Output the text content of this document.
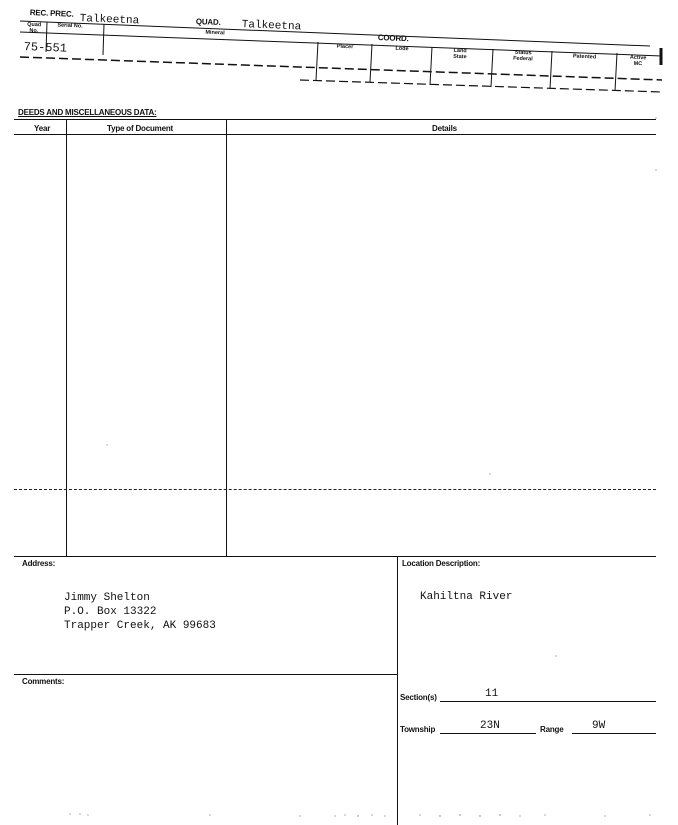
REC. PREC. Talkeetna	QUAD. Talkeetna
COORD.
Quad No.
Serial No.
Mineral
Placer	Lode	Land State
Status Federal	Patented	Active MC
75-551
DEEDS AND MISCELLANEOUS DATA:
Year	Type of Document	Details
Address:
Jimmy Shelton
P.O. Box 13322
Trapper Creek, AK 99683
Comments:
Location Description:
Kahiltna River
Section(s)	11
Township	23N	Range	9W
